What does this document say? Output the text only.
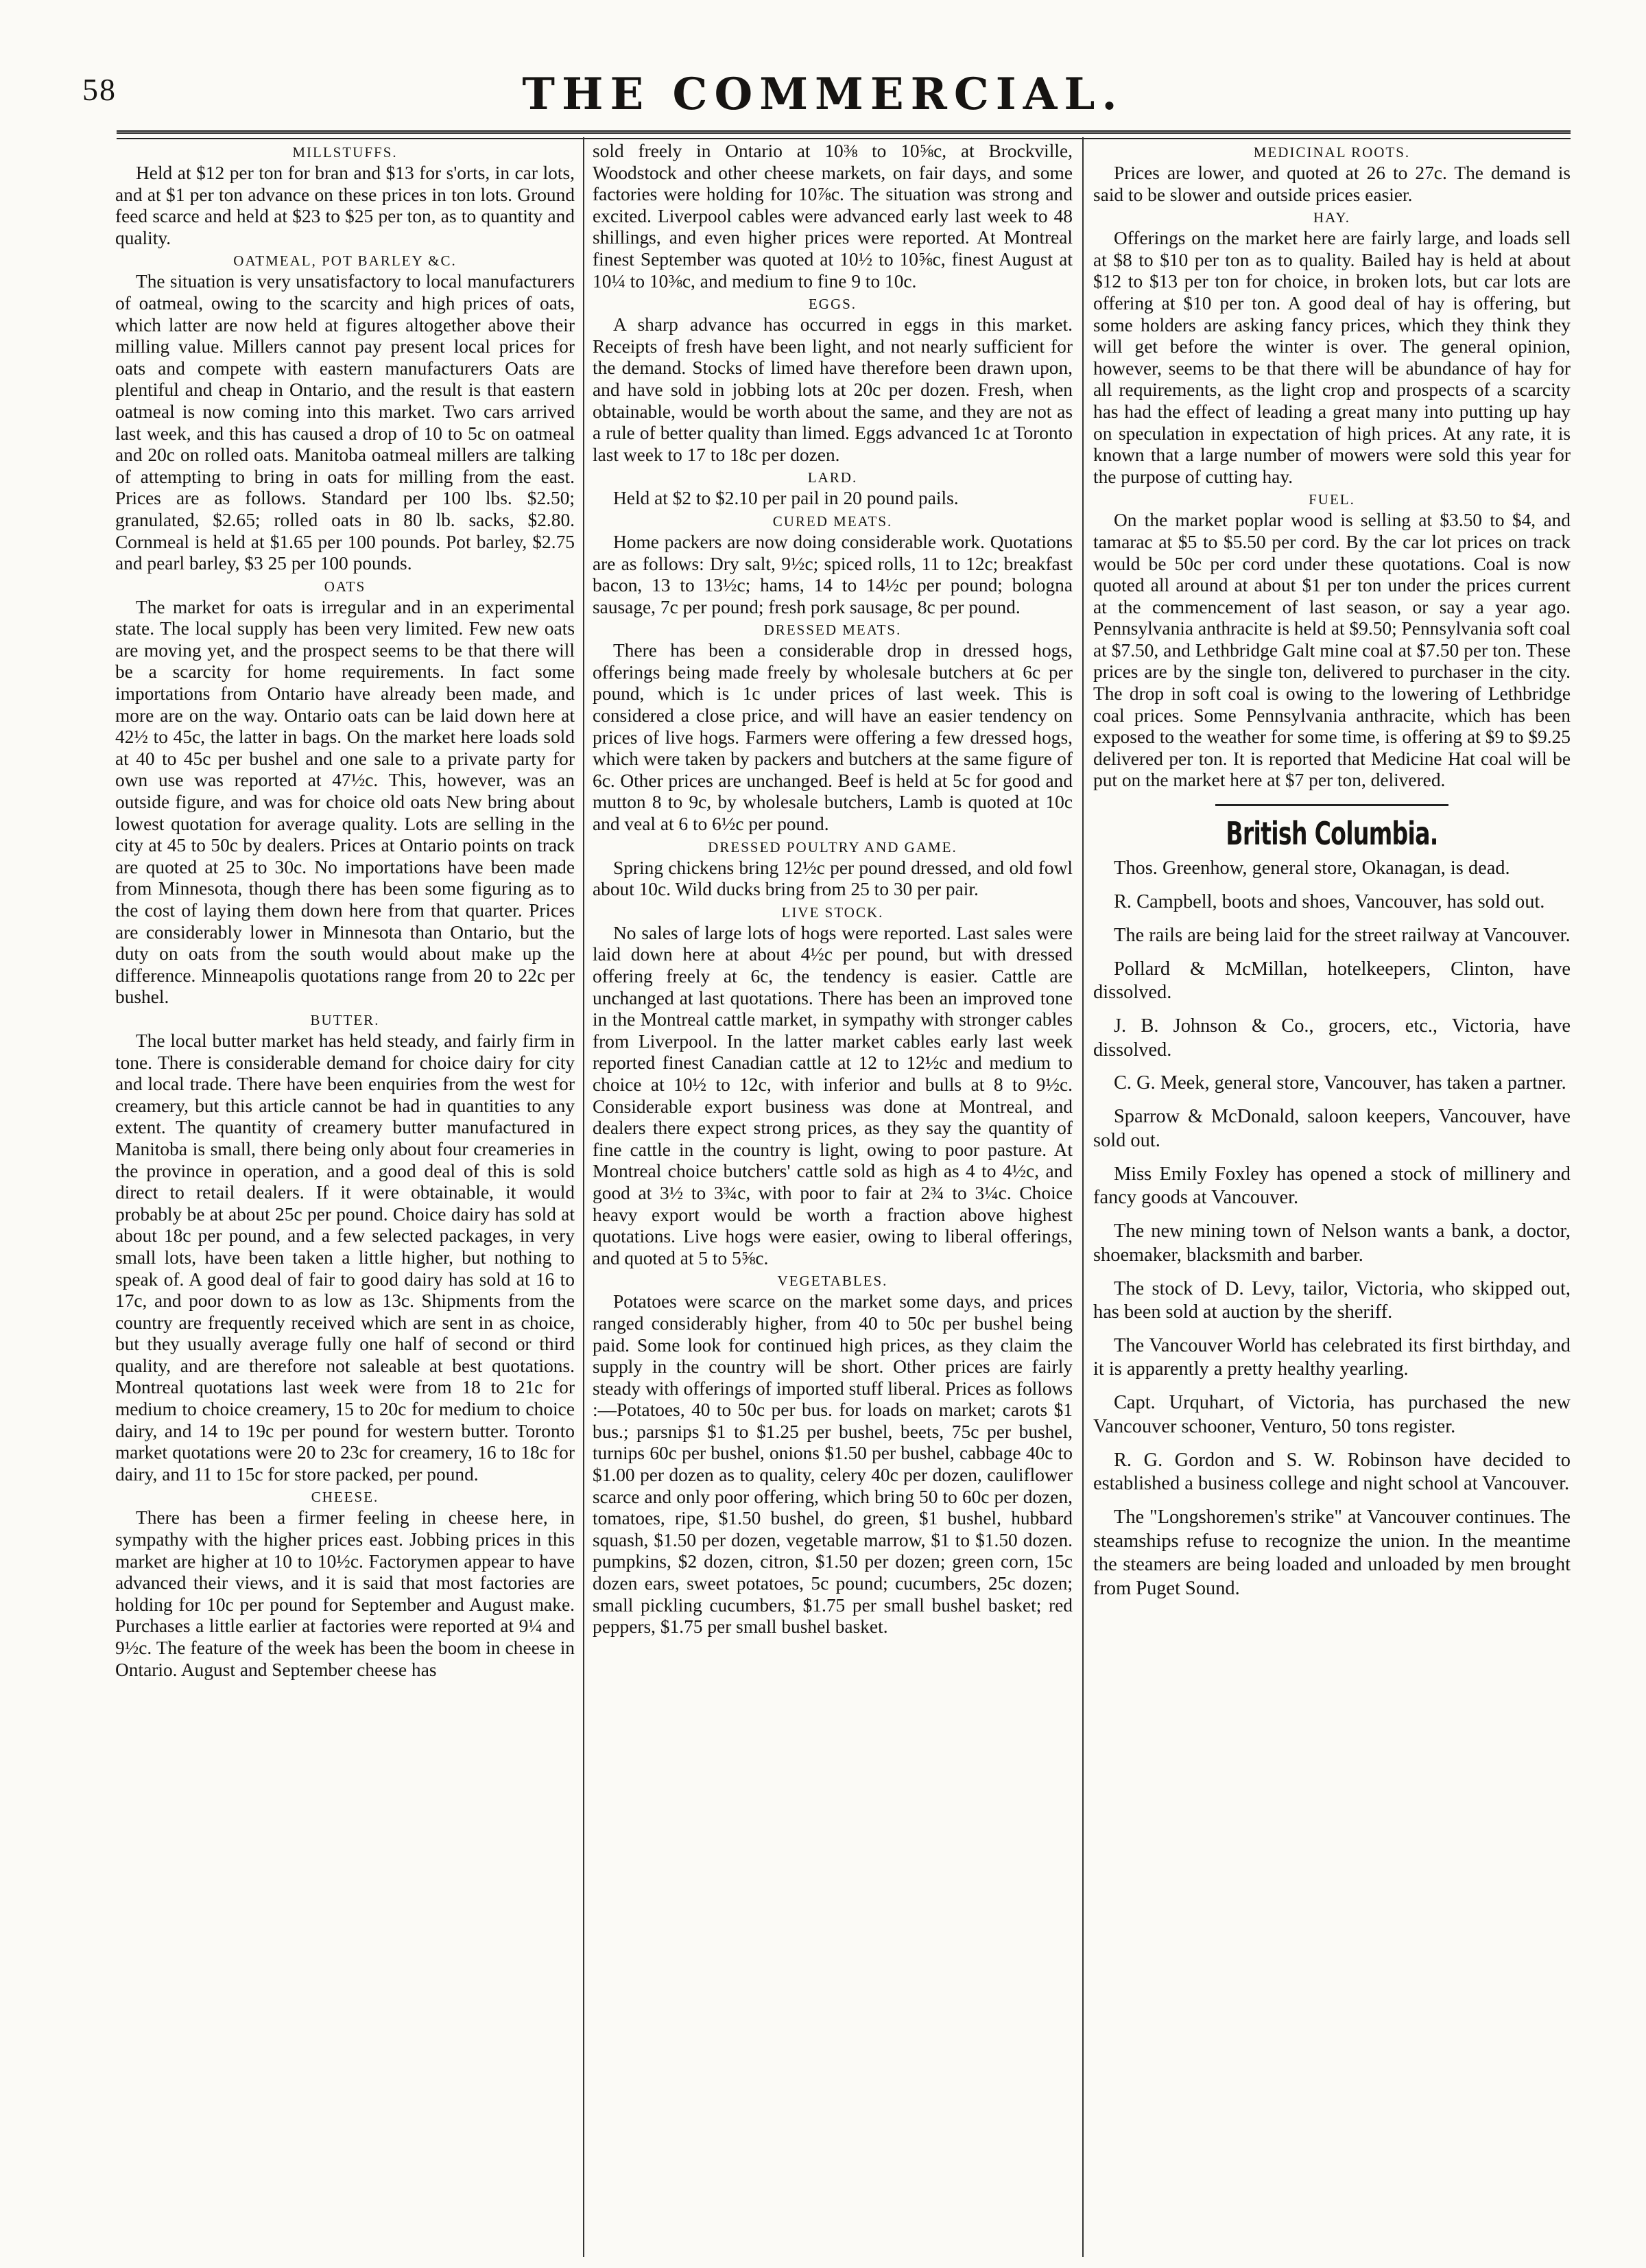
58	THE COMMERCIAL.
MILLSTUFFS.

Held at $12 per ton for bran and $13 for s'orts, in car lots, and at $1 per ton advance on these prices in ton lots. Ground feed scarce and held at $23 to $25 per ton, as to quantity and quality.

OATMEAL, POT BARLEY &C.

The situation is very unsatisfactory to local manufacturers of oatmeal, owing to the scarcity and high prices of oats, which latter are now held at figures altogether above their milling value. Millers cannot pay present local prices for oats and compete with eastern manufacturers Oats are plentiful and cheap in Ontario, and the result is that eastern oatmeal is now coming into this market. Two cars arrived last week, and this has caused a drop of 10 to 5c on oatmeal and 20c on rolled oats. Manitoba oatmeal millers are talking of attempting to bring in oats for milling from the east. Prices are as follows. Standard per 100 lbs. $2.50; granulated, $2.65; rolled oats in 80 lb. sacks, $2.80. Cornmeal is held at $1.65 per 100 pounds. Pot barley, $2.75 and pearl barley, $3 25 per 100 pounds.

OATS

The market for oats is irregular and in an experimental state. The local supply has been very limited. Few new oats are moving yet, and the prospect seems to be that there will be a scarcity for home requirements. In fact some importations from Ontario have already been made, and more are on the way. Ontario oats can be laid down here at 42½ to 45c, the latter in bags. On the market here loads sold at 40 to 45c per bushel and one sale to a private party for own use was reported at 47½c. This, however, was an outside figure, and was for choice old oats New bring about lowest quotation for average quality. Lots are selling in the city at 45 to 50c by dealers. Prices at Ontario points on track are quoted at 25 to 30c. No importations have been made from Minnesota, though there has been some figuring as to the cost of laying them down here from that quarter. Prices are considerably lower in Minnesota than Ontario, but the duty on oats from the south would about make up the difference. Minneapolis quotations range from 20 to 22c per bushel.

BUTTER.

The local butter market has held steady, and fairly firm in tone. There is considerable demand for choice dairy for city and local trade. There have been enquiries from the west for creamery, but this article cannot be had in quantities to any extent. The quantity of creamery butter manufactured in Manitoba is small, there being only about four creameries in the province in operation, and a good deal of this is sold direct to retail dealers. If it were obtainable, it would probably be at about 25c per pound. Choice dairy has sold at about 18c per pound, and a few selected packages, in very small lots, have been taken a little higher, but nothing to speak of. A good deal of fair to good dairy has sold at 16 to 17c, and poor down to as low as 13c. Shipments from the country are frequently received which are sent in as choice, but they usually average fully one half of second or third quality, and are therefore not saleable at best quotations. Montreal quotations last week were from 18 to 21c for medium to choice creamery, 15 to 20c for medium to choice dairy, and 14 to 19c per pound for western butter. Toronto market quotations were 20 to 23c for creamery, 16 to 18c for dairy, and 11 to 15c for store packed, per pound.

CHEESE.

There has been a firmer feeling in cheese here, in sympathy with the higher prices east. Jobbing prices in this market are higher at 10 to 10½c. Factorymen appear to have advanced their views, and it is said that most factories are holding for 10c per pound for September and August make. Purchases a little earlier at factories were reported at 9¼ and 9½c. The feature of the week has been the boom in cheese in Ontario. August and September cheese has

sold freely in Ontario at 10⅜ to 10⅝c, at Brockville, Woodstock and other cheese markets, on fair days, and some factories were holding for 10⅞c. The situation was strong and excited. Liverpool cables were advanced early last week to 48 shillings, and even higher prices were reported. At Montreal finest September was quoted at 10½ to 10⅝c, finest August at 10¼ to 10⅜c, and medium to fine 9 to 10c.

EGGS.

A sharp advance has occurred in eggs in this market. Receipts of fresh have been light, and not nearly sufficient for the demand. Stocks of limed have therefore been drawn upon, and have sold in jobbing lots at 20c per dozen. Fresh, when obtainable, would be worth about the same, and they are not as a rule of better quality than limed. Eggs advanced 1c at Toronto last week to 17 to 18c per dozen.

LARD.

Held at $2 to $2.10 per pail in 20 pound pails.

CURED MEATS.

Home packers are now doing considerable work. Quotations are as follows: Dry salt, 9½c; spiced rolls, 11 to 12c; breakfast bacon, 13 to 13½c; hams, 14 to 14½c per pound; bologna sausage, 7c per pound; fresh pork sausage, 8c per pound.

DRESSED MEATS.

There has been a considerable drop in dressed hogs, offerings being made freely by wholesale butchers at 6c per pound, which is 1c under prices of last week. This is considered a close price, and will have an easier tendency on prices of live hogs. Farmers were offering a few dressed hogs, which were taken by packers and butchers at the same figure of 6c. Other prices are unchanged. Beef is held at 5c for good and mutton 8 to 9c, by wholesale butchers, Lamb is quoted at 10c and veal at 6 to 6½c per pound.

DRESSED POULTRY AND GAME.

Spring chickens bring 12½c per pound dressed, and old fowl about 10c. Wild ducks bring from 25 to 30 per pair.

LIVE STOCK.

No sales of large lots of hogs were reported. Last sales were laid down here at about 4½c per pound, but with dressed offering freely at 6c, the tendency is easier. Cattle are unchanged at last quotations. There has been an improved tone in the Montreal cattle market, in sympathy with stronger cables from Liverpool. In the latter market cables early last week reported finest Canadian cattle at 12 to 12½c and medium to choice at 10½ to 12c, with inferior and bulls at 8 to 9½c. Considerable export business was done at Montreal, and dealers there expect strong prices, as they say the quantity of fine cattle in the country is light, owing to poor pasture. At Montreal choice butchers' cattle sold as high as 4 to 4½c, and good at 3½ to 3¾c, with poor to fair at 2¾ to 3¼c. Choice heavy export would be worth a fraction above highest quotations. Live hogs were easier, owing to liberal offerings, and quoted at 5 to 5⅝c.

VEGETABLES.

Potatoes were scarce on the market some days, and prices ranged considerably higher, from 40 to 50c per bushel being paid. Some look for continued high prices, as they claim the supply in the country will be short. Other prices are fairly steady with offerings of imported stuff liberal. Prices as follows :—Potatoes, 40 to 50c per bus. for loads on market; carots $1 bus.; parsnips $1 to $1.25 per bushel, beets, 75c per bushel, turnips 60c per bushel, onions $1.50 per bushel, cabbage 40c to $1.00 per dozen as to quality, celery 40c per dozen, cauliflower scarce and only poor offering, which bring 50 to 60c per dozen, tomatoes, ripe, $1.50 bushel, do green, $1 bushel, hubbard squash, $1.50 per dozen, vegetable marrow, $1 to $1.50 dozen. pumpkins, $2 dozen, citron, $1.50 per dozen; green corn, 15c dozen ears, sweet potatoes, 5c pound; cucumbers, 25c dozen; small pickling cucumbers, $1.75 per small bushel basket; red peppers, $1.75 per small bushel basket.

MEDICINAL ROOTS.

Prices are lower, and quoted at 26 to 27c. The demand is said to be slower and outside prices easier.

HAY.

Offerings on the market here are fairly large, and loads sell at $8 to $10 per ton as to quality. Bailed hay is held at about $12 to $13 per ton for choice, in broken lots, but car lots are offering at $10 per ton. A good deal of hay is offering, but some holders are asking fancy prices, which they think they will get before the winter is over. The general opinion, however, seems to be that there will be abundance of hay for all requirements, as the light crop and prospects of a scarcity has had the effect of leading a great many into putting up hay on speculation in expectation of high prices. At any rate, it is known that a large number of mowers were sold this year for the purpose of cutting hay.

FUEL.

On the market poplar wood is selling at $3.50 to $4, and tamarac at $5 to $5.50 per cord. By the car lot prices on track would be 50c per cord under these quotations. Coal is now quoted all around at about $1 per ton under the prices current at the commencement of last season, or say a year ago. Pennsylvania anthracite is held at $9.50; Pennsylvania soft coal at $7.50, and Lethbridge Galt mine coal at $7.50 per ton. These prices are by the single ton, delivered to purchaser in the city. The drop in soft coal is owing to the lowering of Lethbridge coal prices. Some Pennsylvania anthracite, which has been exposed to the weather for some time, is offering at $9 to $9.25 delivered per ton. It is reported that Medicine Hat coal will be put on the market here at $7 per ton, delivered.

British Columbia.

Thos. Greenhow, general store, Okanagan, is dead.

R. Campbell, boots and shoes, Vancouver, has sold out.

The rails are being laid for the street railway at Vancouver.

Pollard & McMillan, hotelkeepers, Clinton, have dissolved.

J. B. Johnson & Co., grocers, etc., Victoria, have dissolved.

C. G. Meek, general store, Vancouver, has taken a partner.

Sparrow & McDonald, saloon keepers, Vancouver, have sold out.

Miss Emily Foxley has opened a stock of millinery and fancy goods at Vancouver.

The new mining town of Nelson wants a bank, a doctor, shoemaker, blacksmith and barber.

The stock of D. Levy, tailor, Victoria, who skipped out, has been sold at auction by the sheriff.

The Vancouver World has celebrated its first birthday, and it is apparently a pretty healthy yearling.

Capt. Urquhart, of Victoria, has purchased the new Vancouver schooner, Venturo, 50 tons register.

R. G. Gordon and S. W. Robinson have decided to established a business college and night school at Vancouver.

The "Longshoremen's strike" at Vancouver continues. The steamships refuse to recognize the union. In the meantime the steamers are being loaded and unloaded by men brought from Puget Sound.
